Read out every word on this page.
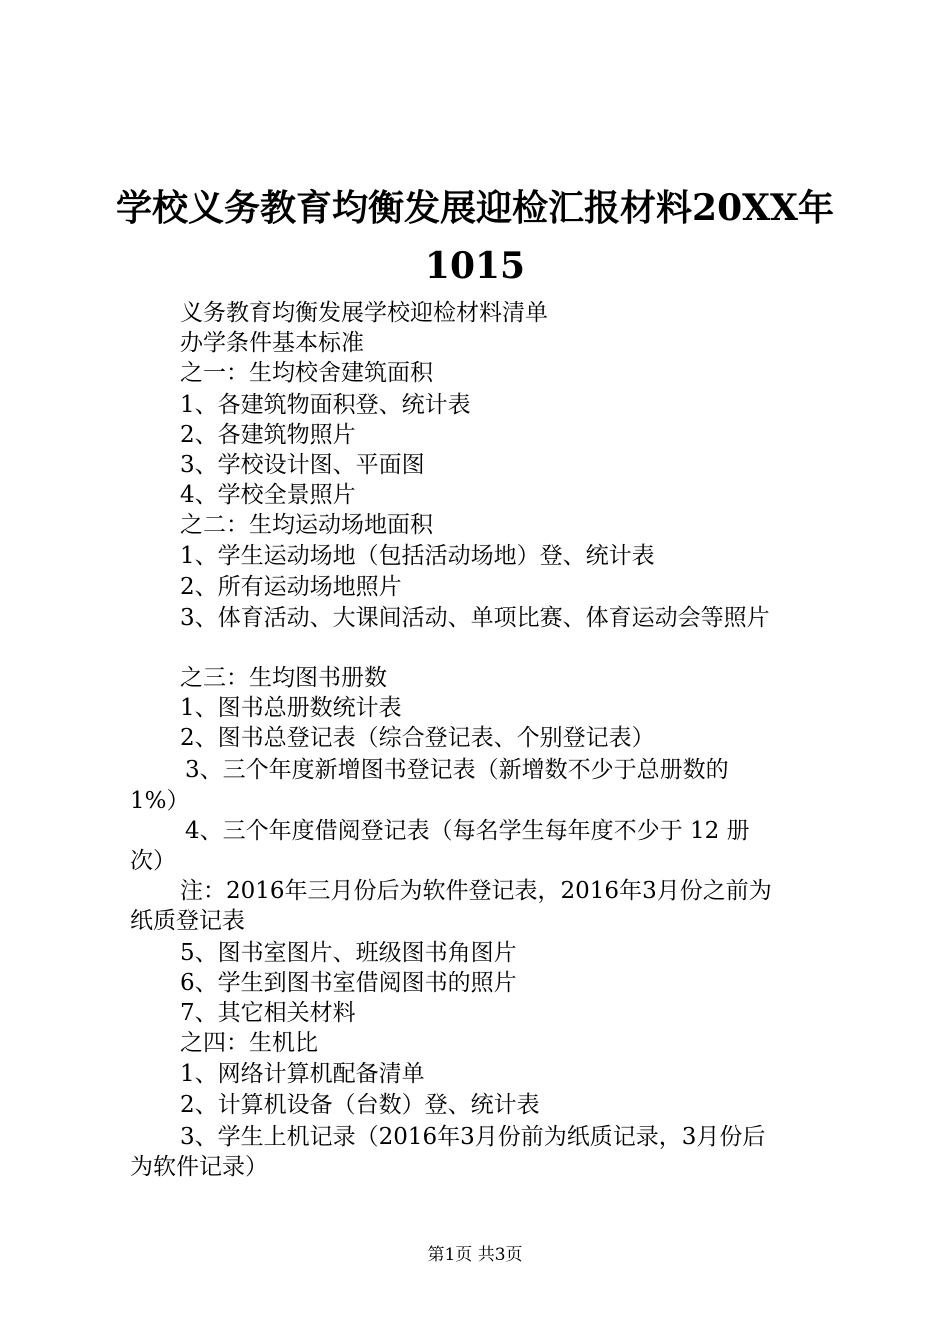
学校义务教育均衡发展迎检汇报材料20XX年
1015
义务教育均衡发展学校迎检材料清单
办学条件基本标准
之一：生均校舍建筑面积
1、各建筑物面积登、统计表
2、各建筑物照片
3、学校设计图、平面图
4、学校全景照片
之二：生均运动场地面积
1、学生运动场地（包括活动场地）登、统计表
2、所有运动场地照片
3、体育活动、大课间活动、单项比赛、体育运动会等照片
之三：生均图书册数
1、图书总册数统计表
2、图书总登记表（综合登记表、个别登记表）
3、三个年度新增图书登记表（新增数不少于总册数的
1%）
4、三个年度借阅登记表（每名学生每年度不少于 12 册
次）
注：2016年三月份后为软件登记表，2016年3月份之前为
纸质登记表
5、图书室图片、班级图书角图片
6、学生到图书室借阅图书的照片
7、其它相关材料
之四：生机比
1、网络计算机配备清单
2、计算机设备（台数）登、统计表
3、学生上机记录（2016年3月份前为纸质记录，3月份后
为软件记录）
第1页 共3页
